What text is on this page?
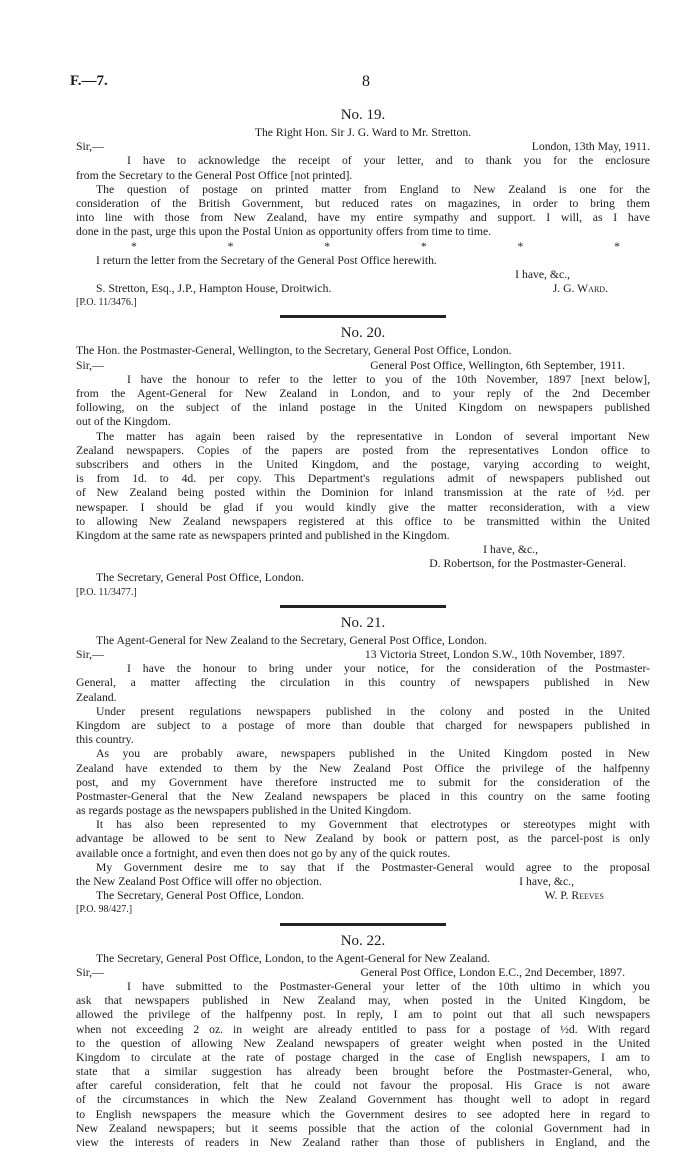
F.—7.	8
No. 19.
The Right Hon. Sir J. G. Ward to Mr. Stretton.
Sir,—	London, 13th May, 1911.
I have to acknowledge the receipt of your letter, and to thank you for the enclosure
from the Secretary to the General Post Office [not printed].
The question of postage on printed matter from England to New Zealand is one for the
consideration of the British Government, but reduced rates on magazines, in order to bring them
into line with those from New Zealand, have my entire sympathy and support. I will, as I have
done in the past, urge this upon the Postal Union as opportunity offers from time to time.
*	*	*	*	*	*
I return the letter from the Secretary of the General Post Office herewith.
I have, &c.,
S. Stretton, Esq., J.P., Hampton House, Droitwich.	J. G. Ward.
[P.O. 11/3476.]
No. 20.
The Hon. the Postmaster-General, Wellington, to the Secretary, General Post Office, London.
Sir,—	General Post Office, Wellington, 6th September, 1911.
I have the honour to refer to the letter to you of the 10th November, 1897 [next below],
from the Agent-General for New Zealand in London, and to your reply of the 2nd December
following, on the subject of the inland postage in the United Kingdom on newspapers published
out of the Kingdom.
The matter has again been raised by the representative in London of several important New
Zealand newspapers. Copies of the papers are posted from the representatives London office to
subscribers and others in the United Kingdom, and the postage, varying according to weight,
is from 1d. to 4d. per copy. This Department's regulations admit of newspapers published out
of New Zealand being posted within the Dominion for inland transmission at the rate of ½d. per
newspaper. I should be glad if you would kindly give the matter reconsideration, with a view
to allowing New Zealand newspapers registered at this office to be transmitted within the United
Kingdom at the same rate as newspapers printed and published in the Kingdom.
I have, &c.,
D. Robertson, for the Postmaster-General.
The Secretary, General Post Office, London.
[P.O. 11/3477.]
No. 21.
The Agent-General for New Zealand to the Secretary, General Post Office, London.
Sir,—	13 Victoria Street, London S.W., 10th November, 1897.
I have the honour to bring under your notice, for the consideration of the Postmaster-
General, a matter affecting the circulation in this country of newspapers published in New
Zealand.
Under present regulations newspapers published in the colony and posted in the United
Kingdom are subject to a postage of more than double that charged for newspapers published in
this country.
As you are probably aware, newspapers published in the United Kingdom posted in New
Zealand have extended to them by the New Zealand Post Office the privilege of the halfpenny
post, and my Government have therefore instructed me to submit for the consideration of the
Postmaster-General that the New Zealand newspapers be placed in this country on the same footing
as regards postage as the newspapers published in the United Kingdom.
It has also been represented to my Government that electrotypes or stereotypes might with
advantage be allowed to be sent to New Zealand by book or pattern post, as the parcel-post is only
available once a fortnight, and even then does not go by any of the quick routes.
My Government desire me to say that if the Postmaster-General would agree to the proposal
the New Zealand Post Office will offer no objection.	I have, &c.,
The Secretary, General Post Office, London.	W. P. Reeves
[P.O. 98/427.]
No. 22.
The Secretary, General Post Office, London, to the Agent-General for New Zealand.
Sir,—	General Post Office, London E.C., 2nd December, 1897.
I have submitted to the Postmaster-General your letter of the 10th ultimo in which you
ask that newspapers published in New Zealand may, when posted in the United Kingdom, be
allowed the privilege of the halfpenny post. In reply, I am to point out that all such newspapers
when not exceeding 2 oz. in weight are already entitled to pass for a postage of ½d. With regard
to the question of allowing New Zealand newspapers of greater weight when posted in the United
Kingdom to circulate at the rate of postage charged in the case of English newspapers, I am to
state that a similar suggestion has already been brought before the Postmaster-General, who,
after careful consideration, felt that he could not favour the proposal. His Grace is not aware
of the circumstances in which the New Zealand Government has thought well to adopt in regard
to English newspapers the measure which the Government desires to see adopted here in regard to
New Zealand newspapers; but it seems possible that the action of the colonial Government had in
view the interests of readers in New Zealand rather than those of publishers in England, and the
